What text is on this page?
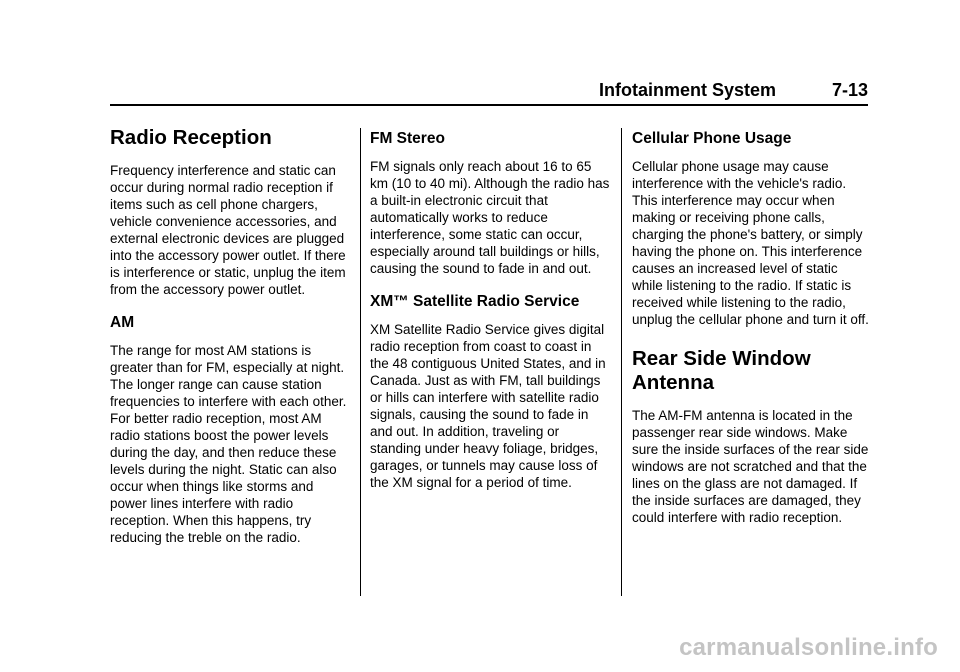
Infotainment System	7-13
Radio Reception

Frequency interference and static can occur during normal radio reception if items such as cell phone chargers, vehicle convenience accessories, and external electronic devices are plugged into the accessory power outlet. If there is interference or static, unplug the item from the accessory power outlet.

AM

The range for most AM stations is greater than for FM, especially at night. The longer range can cause station frequencies to interfere with each other. For better radio reception, most AM radio stations boost the power levels during the day, and then reduce these levels during the night. Static can also occur when things like storms and power lines interfere with radio reception. When this happens, try reducing the treble on the radio.

FM Stereo

FM signals only reach about 16 to 65 km (10 to 40 mi). Although the radio has a built-in electronic circuit that automatically works to reduce interference, some static can occur, especially around tall buildings or hills, causing the sound to fade in and out.

XM™ Satellite Radio Service

XM Satellite Radio Service gives digital radio reception from coast to coast in the 48 contiguous United States, and in Canada. Just as with FM, tall buildings or hills can interfere with satellite radio signals, causing the sound to fade in and out. In addition, traveling or standing under heavy foliage, bridges, garages, or tunnels may cause loss of the XM signal for a period of time.

Cellular Phone Usage

Cellular phone usage may cause interference with the vehicle's radio. This interference may occur when making or receiving phone calls, charging the phone's battery, or simply having the phone on. This interference causes an increased level of static while listening to the radio. If static is received while listening to the radio, unplug the cellular phone and turn it off.

Rear Side Window Antenna

The AM-FM antenna is located in the passenger rear side windows. Make sure the inside surfaces of the rear side windows are not scratched and that the lines on the glass are not damaged. If the inside surfaces are damaged, they could interfere with radio reception.

carmanualsonline.info
